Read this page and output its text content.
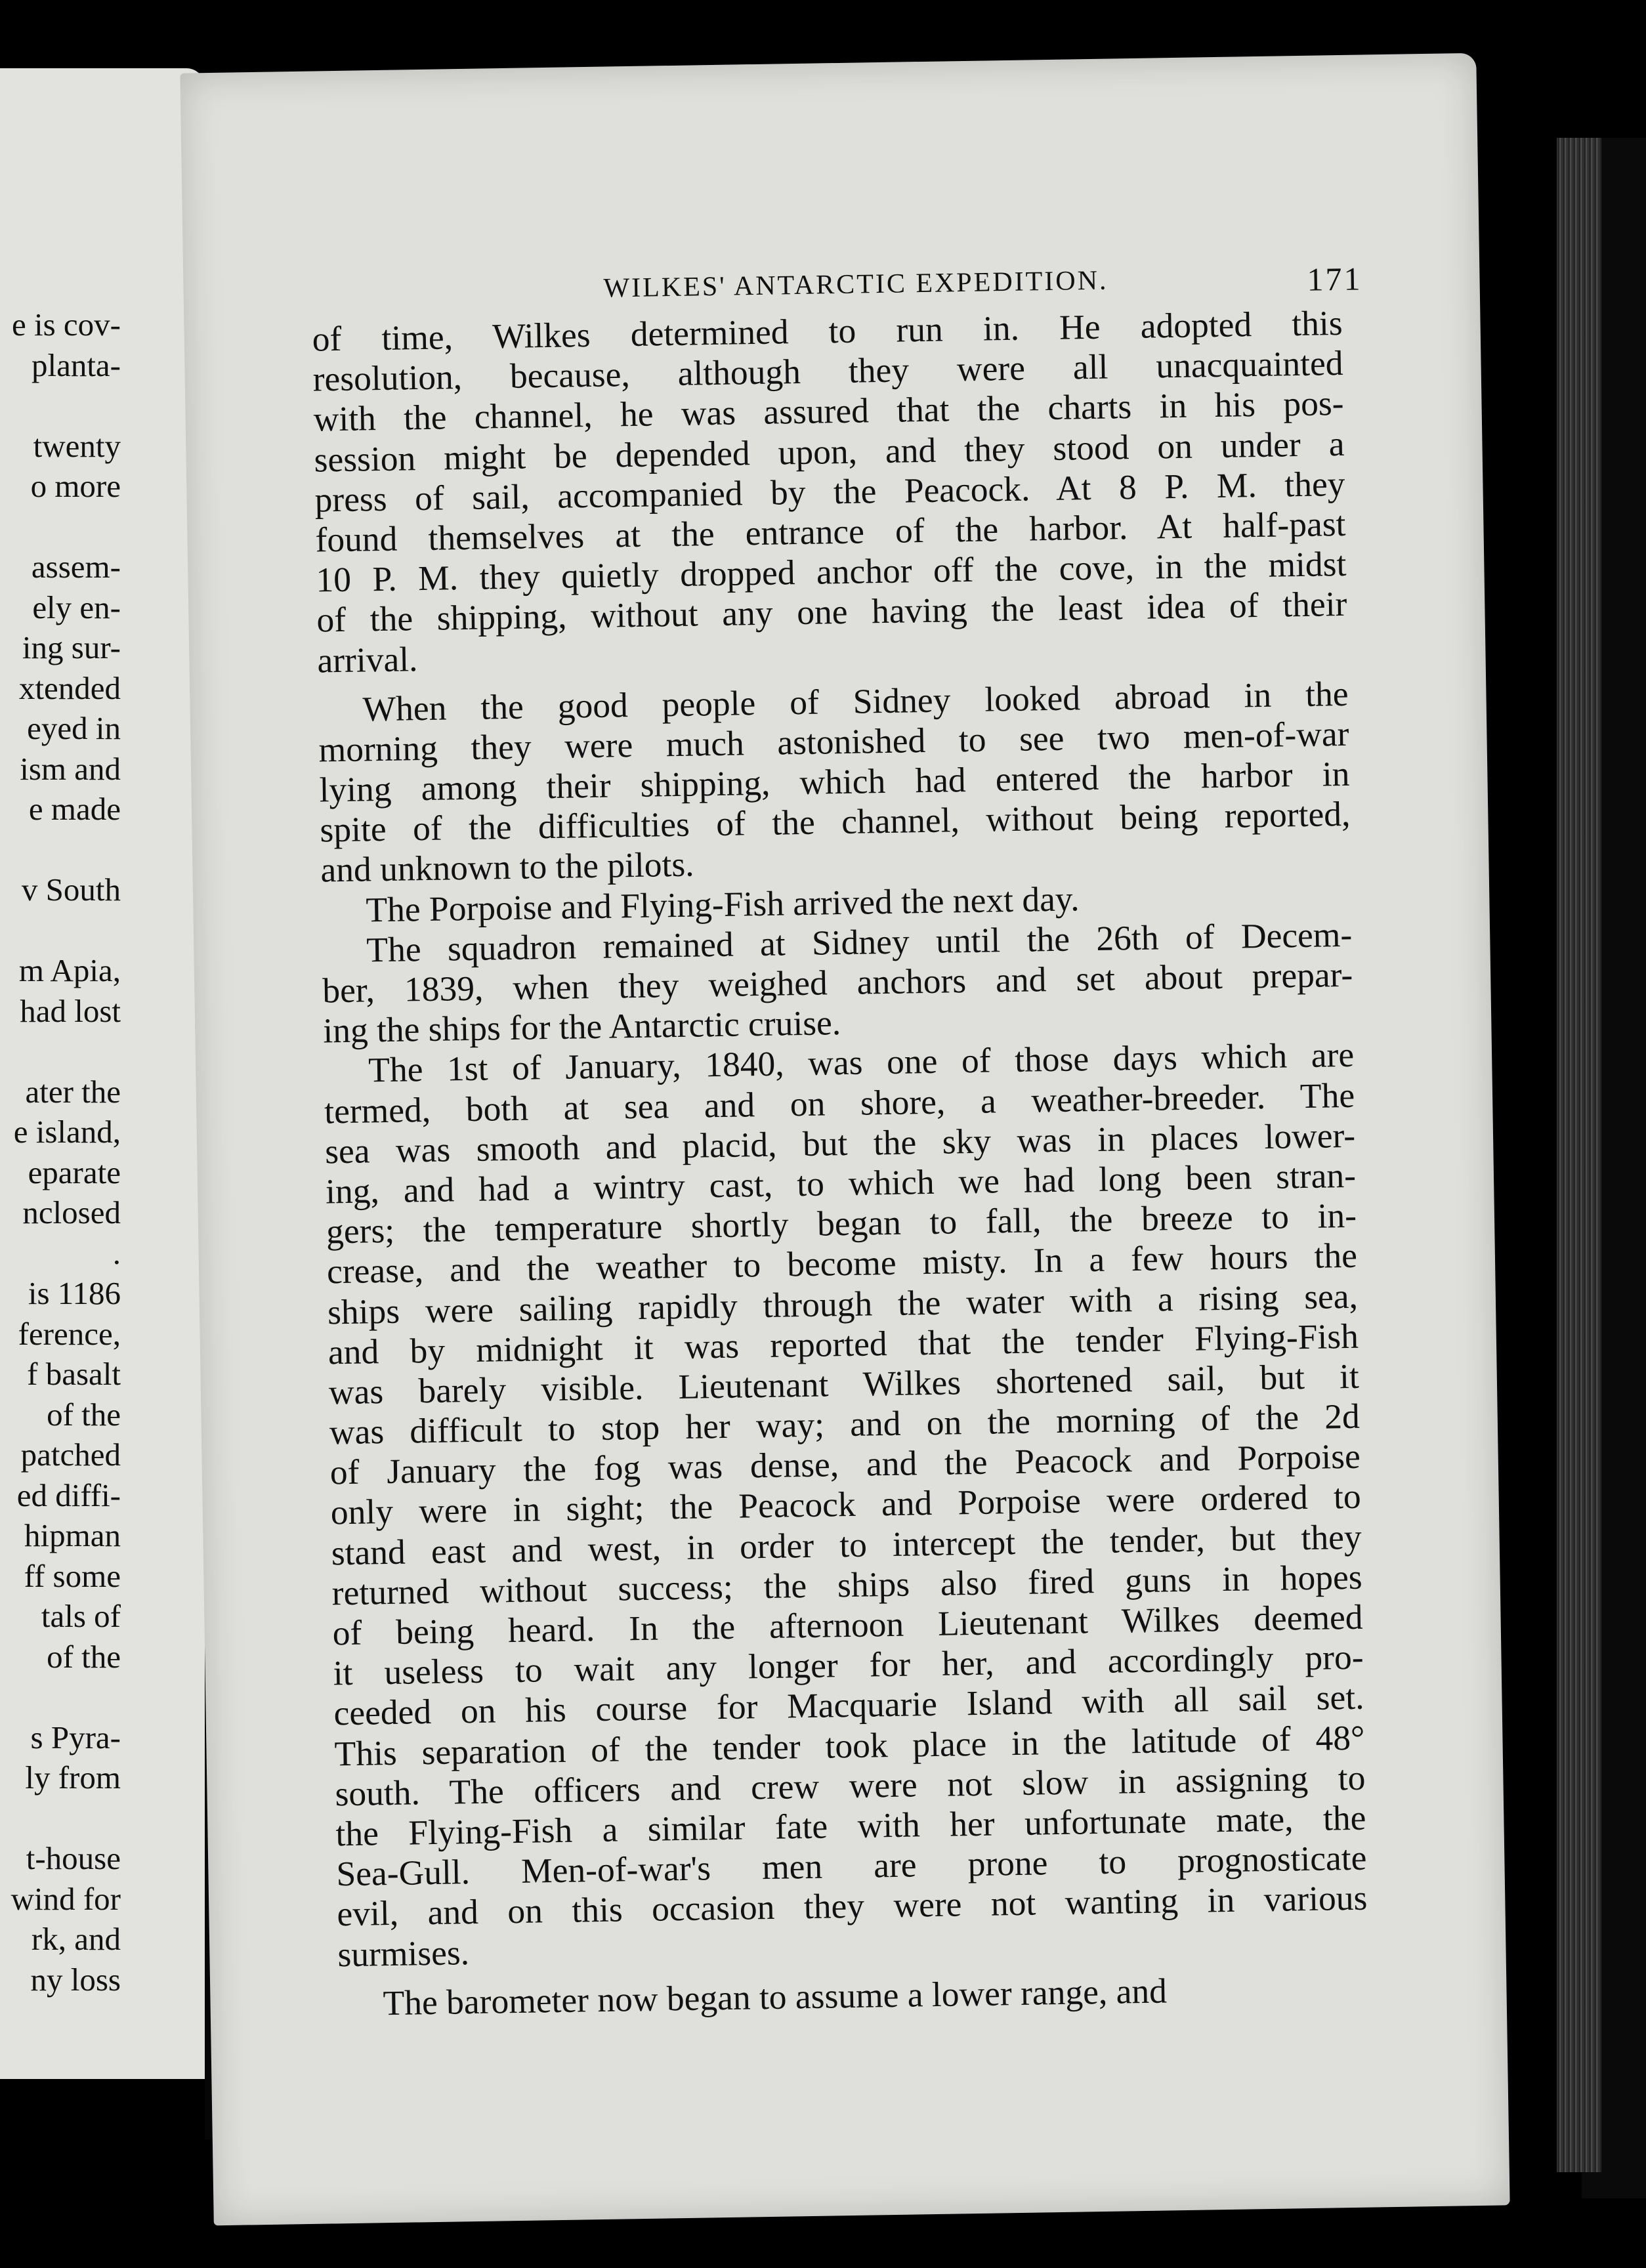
e is cov-
planta-
twenty
o more
assem-
ely en-
ing sur-
xtended
eyed in
ism and
e made
v South
m Apia,
had lost
ater the
e island,
eparate
nclosed
.
is 1186
ference,
f basalt
of the
patched
ed diffi-
hipman
ff some
tals of
of the
s Pyra-
ly from
t-house
wind for
rk, and
ny loss
WILKES' ANTARCTIC EXPEDITION.	171
of time, Wilkes determined to run in. He adopted this
resolution, because, although they were all unacquainted
with the channel, he was assured that the charts in his pos-
session might be depended upon, and they stood on under a
press of sail, accompanied by the Peacock. At 8 P. M. they
found themselves at the entrance of the harbor. At half-past
10 P. M. they quietly dropped anchor off the cove, in the midst
of the shipping, without any one having the least idea of their
arrival.
When the good people of Sidney looked abroad in the
morning they were much astonished to see two men-of-war
lying among their shipping, which had entered the harbor in
spite of the difficulties of the channel, without being reported,
and unknown to the pilots.
The Porpoise and Flying-Fish arrived the next day.
The squadron remained at Sidney until the 26th of Decem-
ber, 1839, when they weighed anchors and set about prepar-
ing the ships for the Antarctic cruise.
The 1st of January, 1840, was one of those days which are
termed, both at sea and on shore, a weather-breeder. The
sea was smooth and placid, but the sky was in places lower-
ing, and had a wintry cast, to which we had long been stran-
gers; the temperature shortly began to fall, the breeze to in-
crease, and the weather to become misty. In a few hours the
ships were sailing rapidly through the water with a rising sea,
and by midnight it was reported that the tender Flying-Fish
was barely visible. Lieutenant Wilkes shortened sail, but it
was difficult to stop her way; and on the morning of the 2d
of January the fog was dense, and the Peacock and Porpoise
only were in sight; the Peacock and Porpoise were ordered to
stand east and west, in order to intercept the tender, but they
returned without success; the ships also fired guns in hopes
of being heard. In the afternoon Lieutenant Wilkes deemed
it useless to wait any longer for her, and accordingly pro-
ceeded on his course for Macquarie Island with all sail set.
This separation of the tender took place in the latitude of 48°
south. The officers and crew were not slow in assigning to
the Flying-Fish a similar fate with her unfortunate mate, the
Sea-Gull. Men-of-war's men are prone to prognosticate
evil, and on this occasion they were not wanting in various
surmises.
The barometer now began to assume a lower range, and
